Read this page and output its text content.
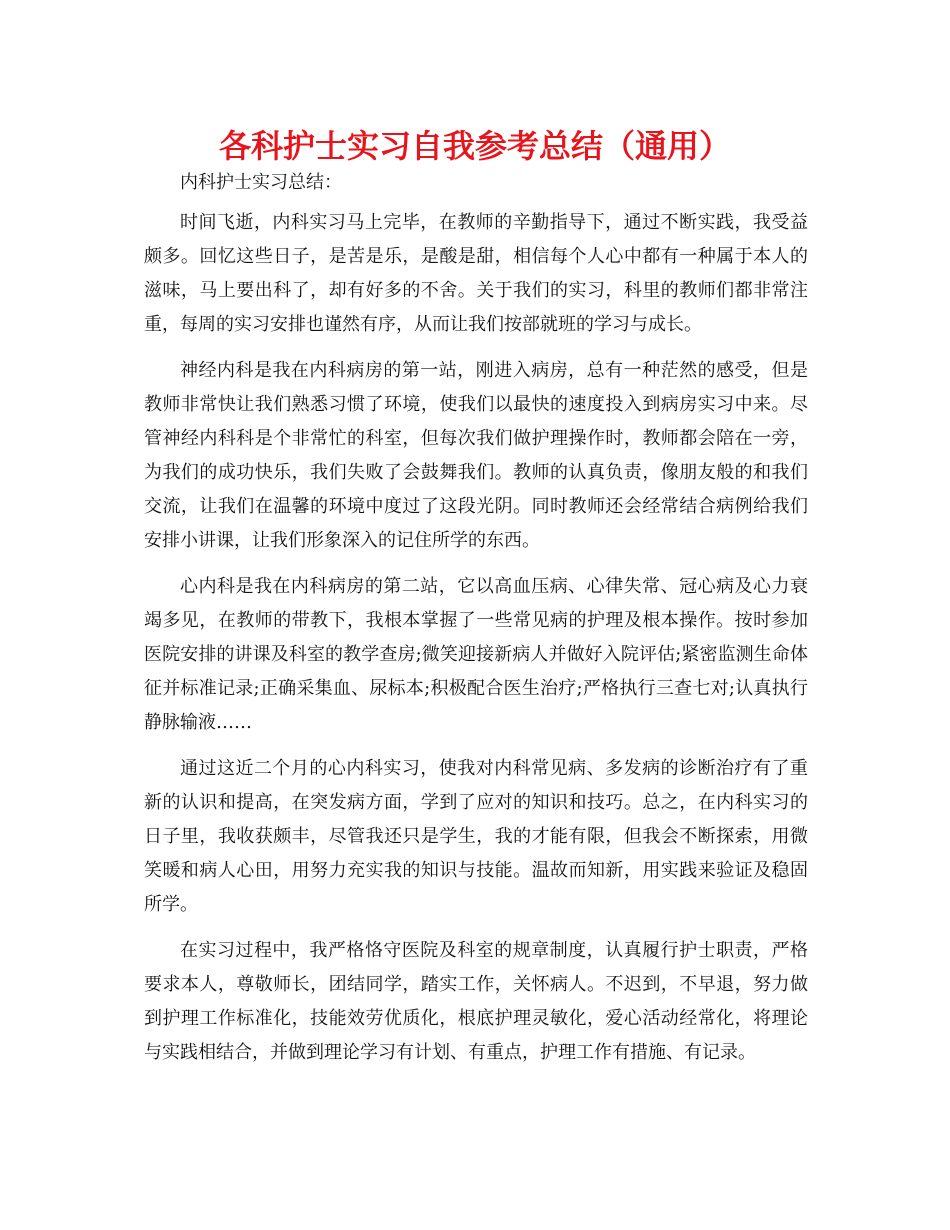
各科护士实习自我参考总结（通用）

内科护士实习总结：

时间飞逝，内科实习马上完毕，在教师的辛勤指导下，通过不断实践，我受益颇多。回忆这些日子，是苦是乐，是酸是甜，相信每个人心中都有一种属于本人的滋味，马上要出科了，却有好多的不舍。关于我们的实习，科里的教师们都非常注重，每周的实习安排也谨然有序，从而让我们按部就班的学习与成长。

神经内科是我在内科病房的第一站，刚进入病房，总有一种茫然的感受，但是教师非常快让我们熟悉习惯了环境，使我们以最快的速度投入到病房实习中来。尽管神经内科科是个非常忙的科室，但每次我们做护理操作时，教师都会陪在一旁，为我们的成功快乐，我们失败了会鼓舞我们。教师的认真负责，像朋友般的和我们交流，让我们在温馨的环境中度过了这段光阴。同时教师还会经常结合病例给我们安排小讲课，让我们形象深入的记住所学的东西。

心内科是我在内科病房的第二站，它以高血压病、心律失常、冠心病及心力衰竭多见，在教师的带教下，我根本掌握了一些常见病的护理及根本操作。按时参加医院安排的讲课及科室的教学查房;微笑迎接新病人并做好入院评估;紧密监测生命体征并标准记录;正确采集血、尿标本;积极配合医生治疗;严格执行三查七对;认真执行静脉输液……

通过这近二个月的心内科实习，使我对内科常见病、多发病的诊断治疗有了重新的认识和提高，在突发病方面，学到了应对的知识和技巧。总之，在内科实习的日子里，我收获颇丰，尽管我还只是学生，我的才能有限，但我会不断探索，用微笑暖和病人心田，用努力充实我的知识与技能。温故而知新，用实践来验证及稳固所学。

在实习过程中，我严格恪守医院及科室的规章制度，认真履行护士职责，严格要求本人，尊敬师长，团结同学，踏实工作，关怀病人。不迟到，不早退，努力做到护理工作标准化，技能效劳优质化，根底护理灵敏化，爱心活动经常化，将理论与实践相结合，并做到理论学习有计划、有重点，护理工作有措施、有记录。
